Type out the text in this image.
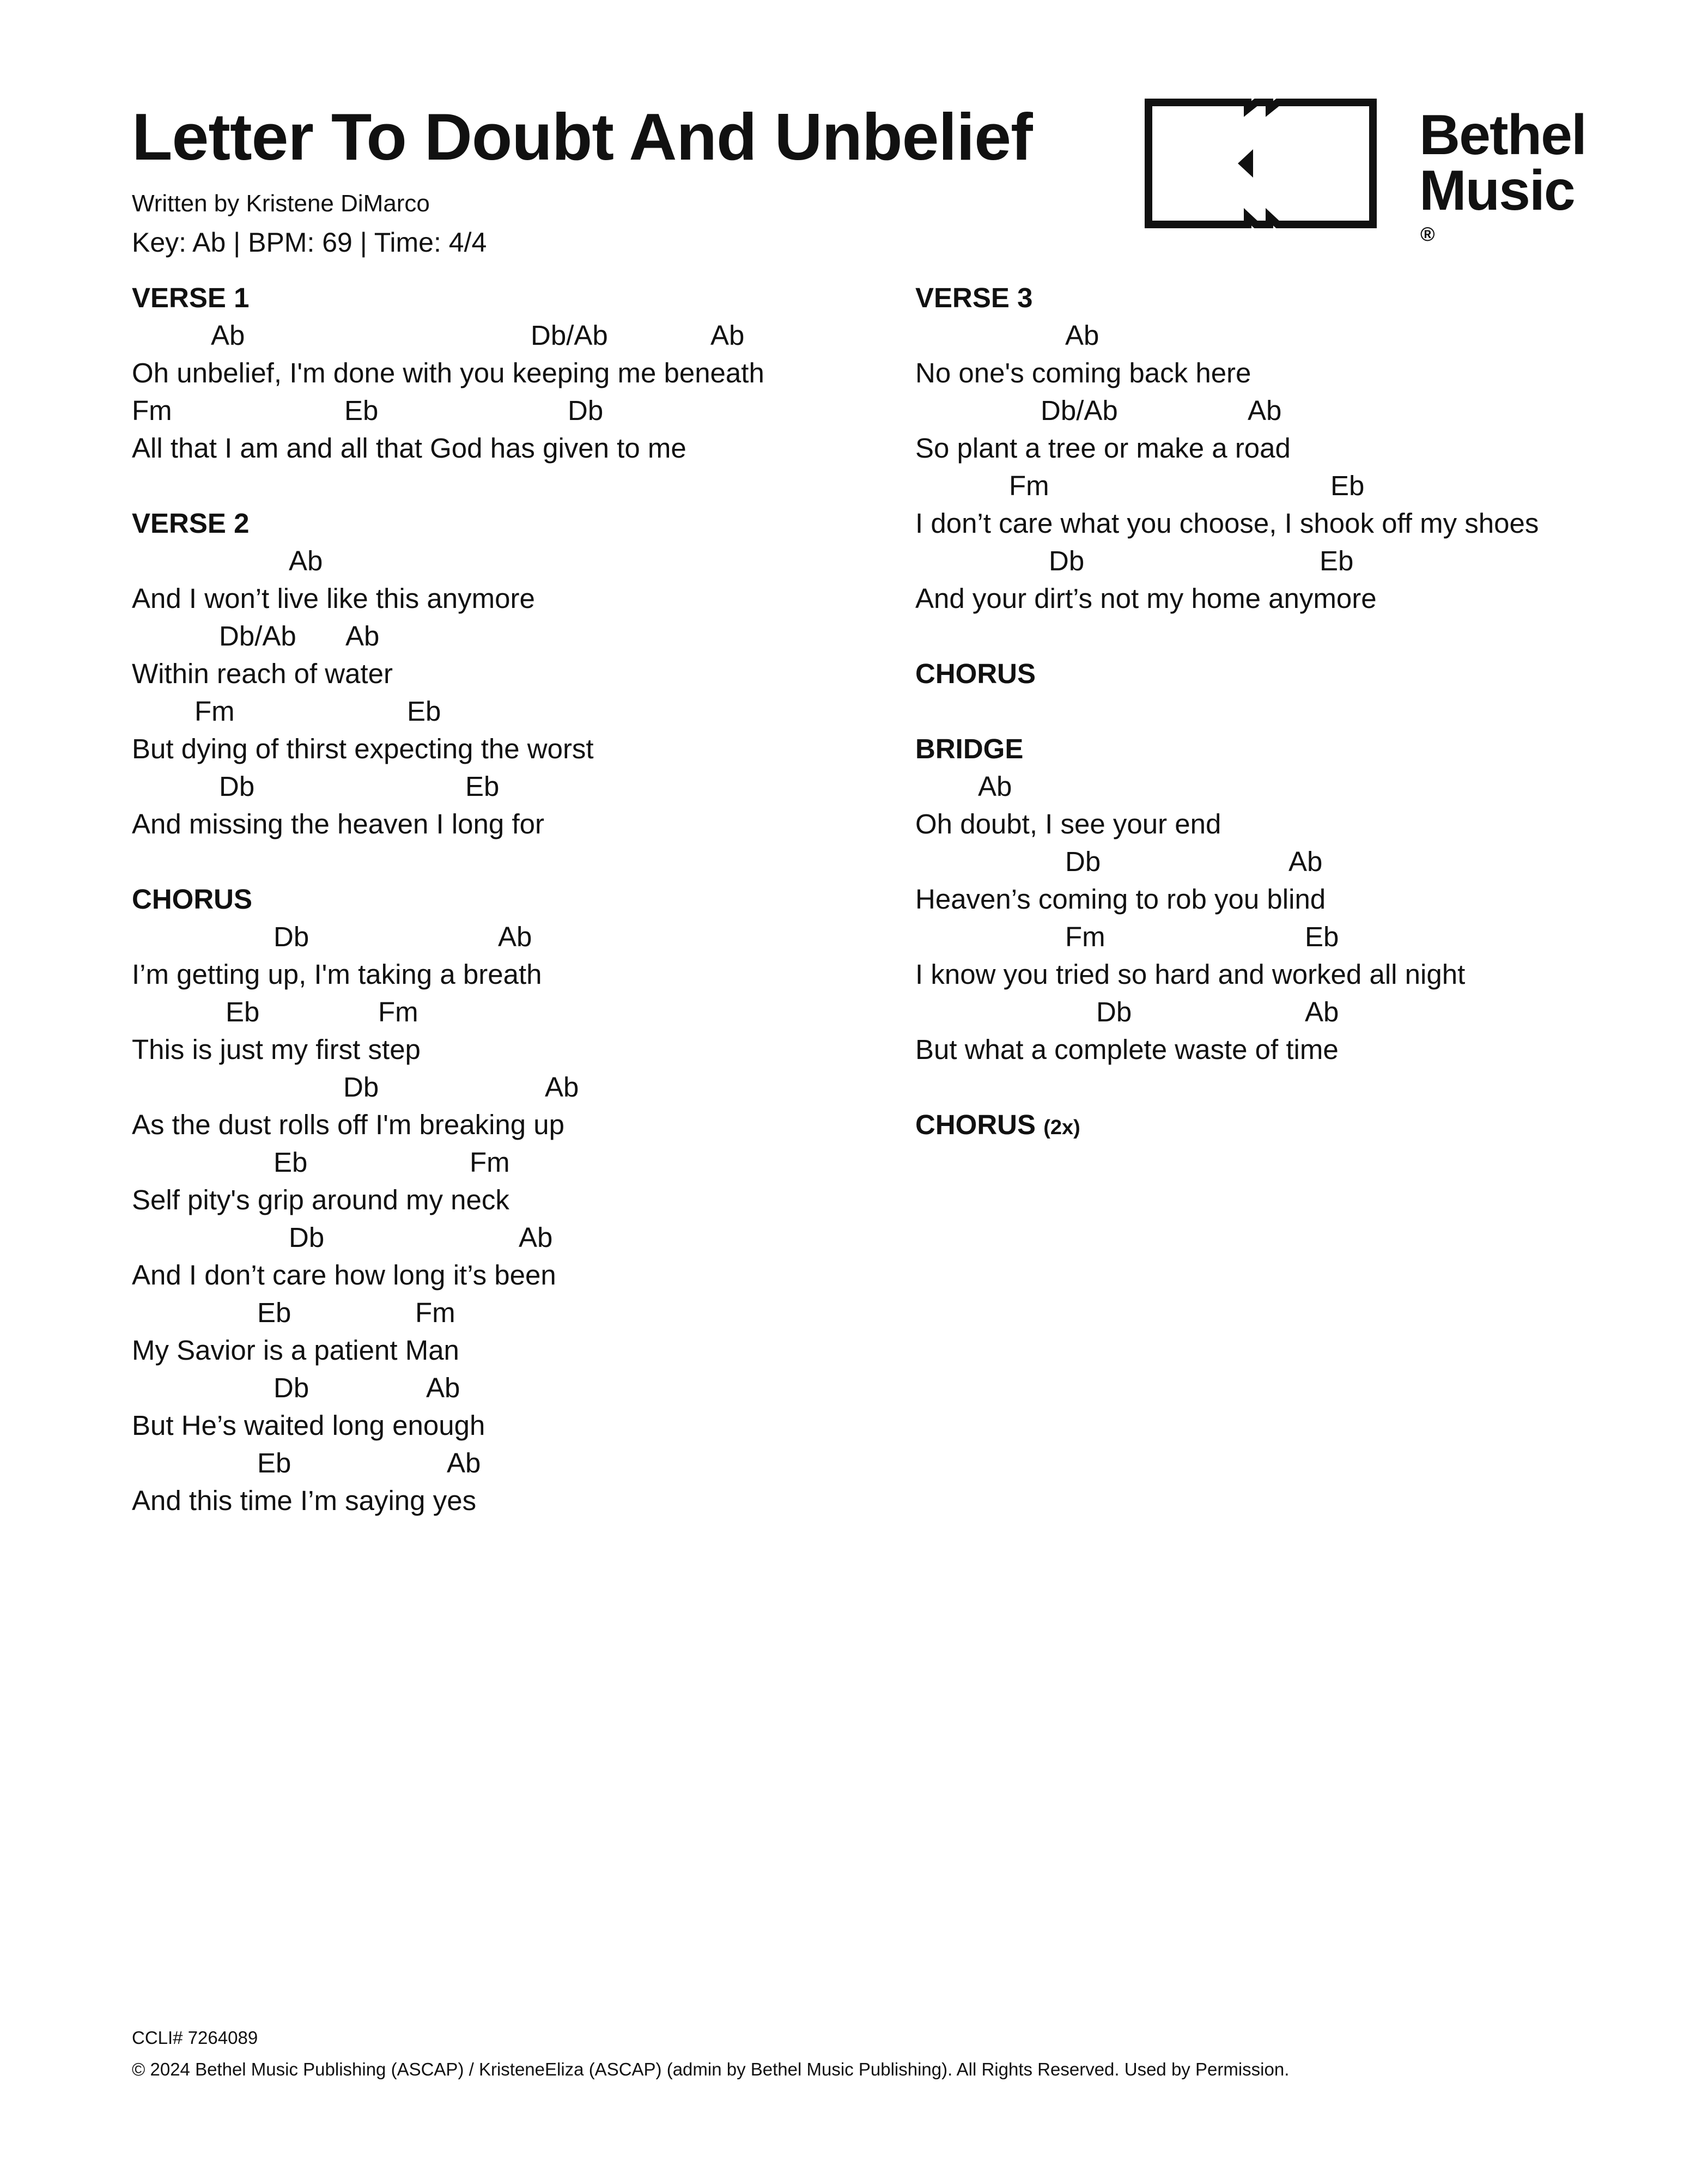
Letter To Doubt And Unbelief
Written by Kristene DiMarco
Key: Ab | BPM: 69 | Time: 4/4
Bethel
Music
®
VERSE 1
Ab	Db/Ab	Ab
Oh unbelief, I'm done with you keeping me beneath
Fm	Eb	Db
All that I am and all that God has given to me
VERSE 2
Ab
And I won’t live like this anymore
Db/Ab Ab
Within reach of water
Fm	Eb
But dying of thirst expecting the worst
Db	Eb
And missing the heaven I long for
CHORUS
Db	Ab
I’m getting up, I'm taking a breath
Eb	Fm
This is just my first step
Db	Ab
As the dust rolls off I'm breaking up
Eb	Fm
Self pity's grip around my neck
Db	Ab
And I don’t care how long it’s been
Eb	Fm
My Savior is a patient Man
Db	Ab
But He’s waited long enough
Eb	Ab
And this time I’m saying yes
VERSE 3
Ab
No one's coming back here
Db/Ab	Ab
So plant a tree or make a road
Fm	Eb
I don’t care what you choose, I shook off my shoes
Db	Eb
And your dirt’s not my home anymore
CHORUS
BRIDGE
Ab
Oh doubt, I see your end
Db	Ab
Heaven’s coming to rob you blind
Fm	Eb
I know you tried so hard and worked all night
Db	Ab
But what a complete waste of time
CHORUS (2x)
CCLI# 7264089
© 2024 Bethel Music Publishing (ASCAP) / KristeneEliza (ASCAP) (admin by Bethel Music Publishing). All Rights Reserved. Used by Permission.
